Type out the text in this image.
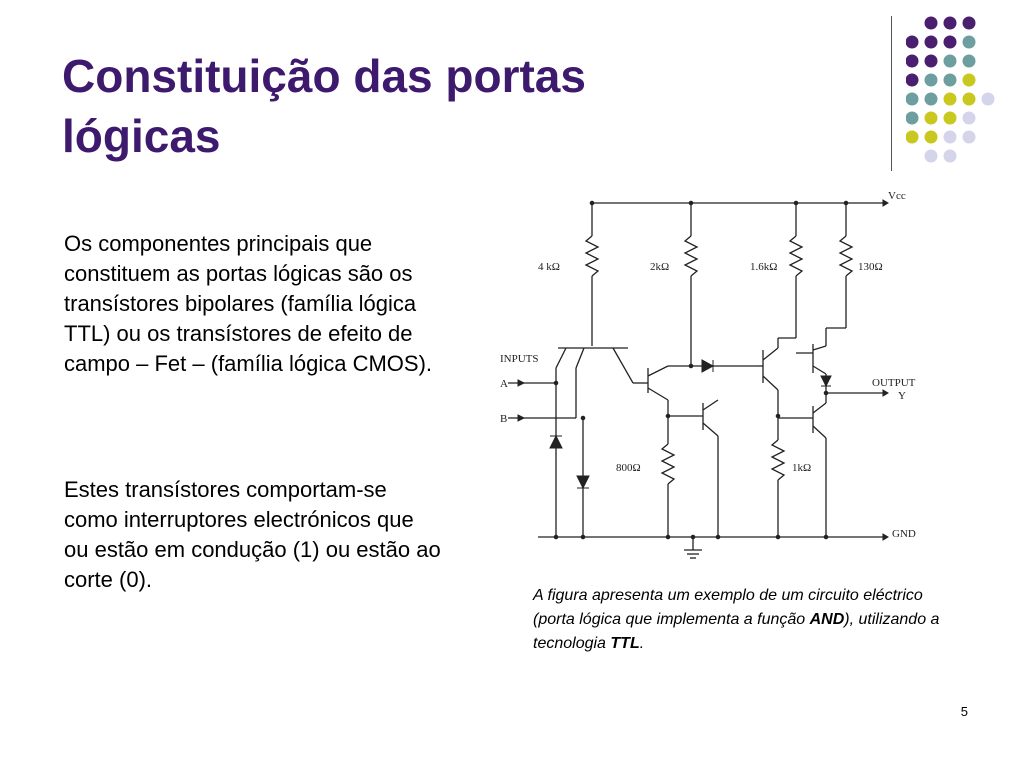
Constituição das portas
lógicas

Os componentes principais que constituem as portas lógicas são os transístores bipolares (família lógica TTL) ou os transístores de efeito de campo – Fet – (família lógica CMOS).

Estes transístores comportam-se como interruptores electrónicos que ou estão em condução (1) ou estão ao corte (0).

Vcc
4 kΩ	2kΩ	1.6kΩ	130Ω
INPUTS
A
B
800Ω	1kΩ
OUTPUT
Y
GND

A figura apresenta um exemplo de um circuito eléctrico (porta lógica que implementa a função AND), utilizando a tecnologia TTL.

5
